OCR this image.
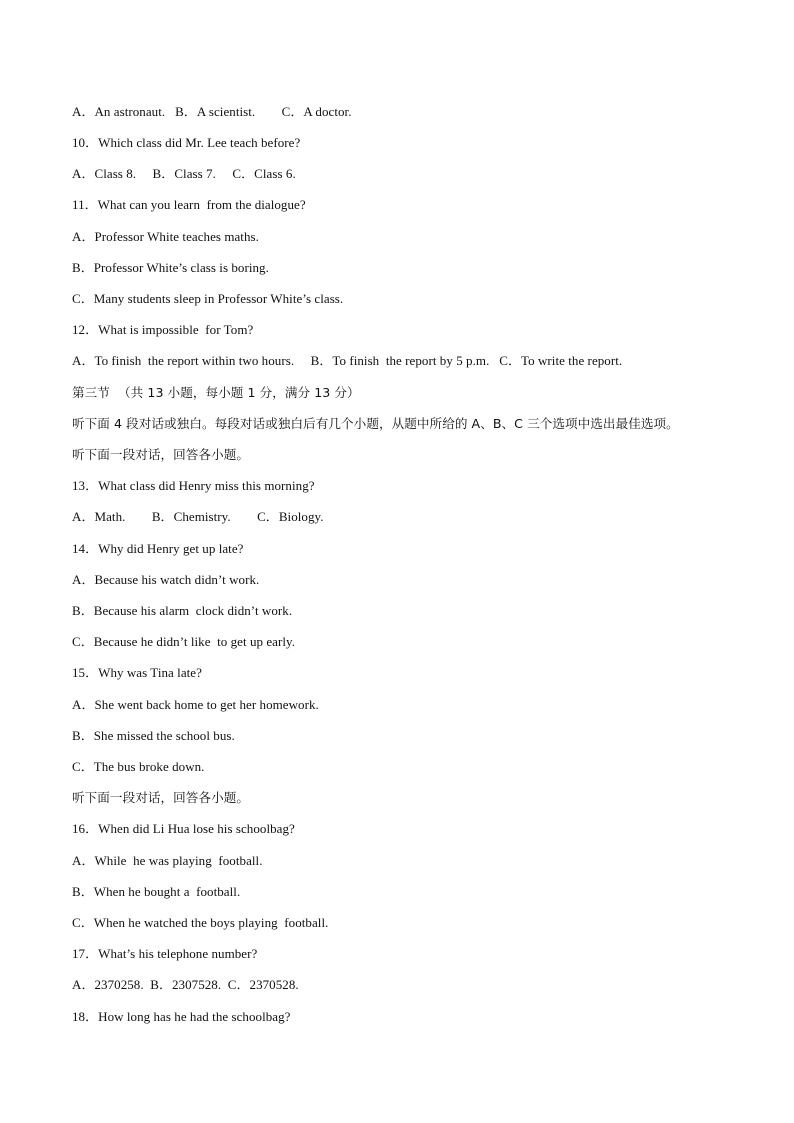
A．An astronaut.   B．A scientist.        C．A doctor.
10．Which class did Mr. Lee teach before?
A．Class 8.     B．Class 7.     C．Class 6.
11．What can you learn  from the dialogue?
A．Professor White teaches maths.
B．Professor White’s class is boring.
C．Many students sleep in Professor White’s class.
12．What is impossible  for Tom?
A．To finish  the report within two hours.     B．To finish  the report by 5 p.m.   C．To write the report.
第三节  （共 13 小题，每小题 1 分，满分 13 分）
听下面 4 段对话或独白。每段对话或独白后有几个小题，从题中所给的 A、B、C 三个选项中选出最佳选项。
听下面一段对话，回答各小题。
13．What class did Henry miss this morning?
A．Math.        B．Chemistry.        C．Biology.
14．Why did Henry get up late?
A．Because his watch didn’t work.
B．Because his alarm  clock didn’t work.
C．Because he didn’t like  to get up early.
15．Why was Tina late?
A．She went back home to get her homework.
B．She missed the school bus.
C．The bus broke down.
听下面一段对话，回答各小题。
16．When did Li Hua lose his schoolbag?
A．While  he was playing  football.
B．When he bought a  football.
C．When he watched the boys playing  football.
17．What’s his telephone number?
A．2370258.  B．2307528.  C．2370528.
18．How long has he had the schoolbag?
